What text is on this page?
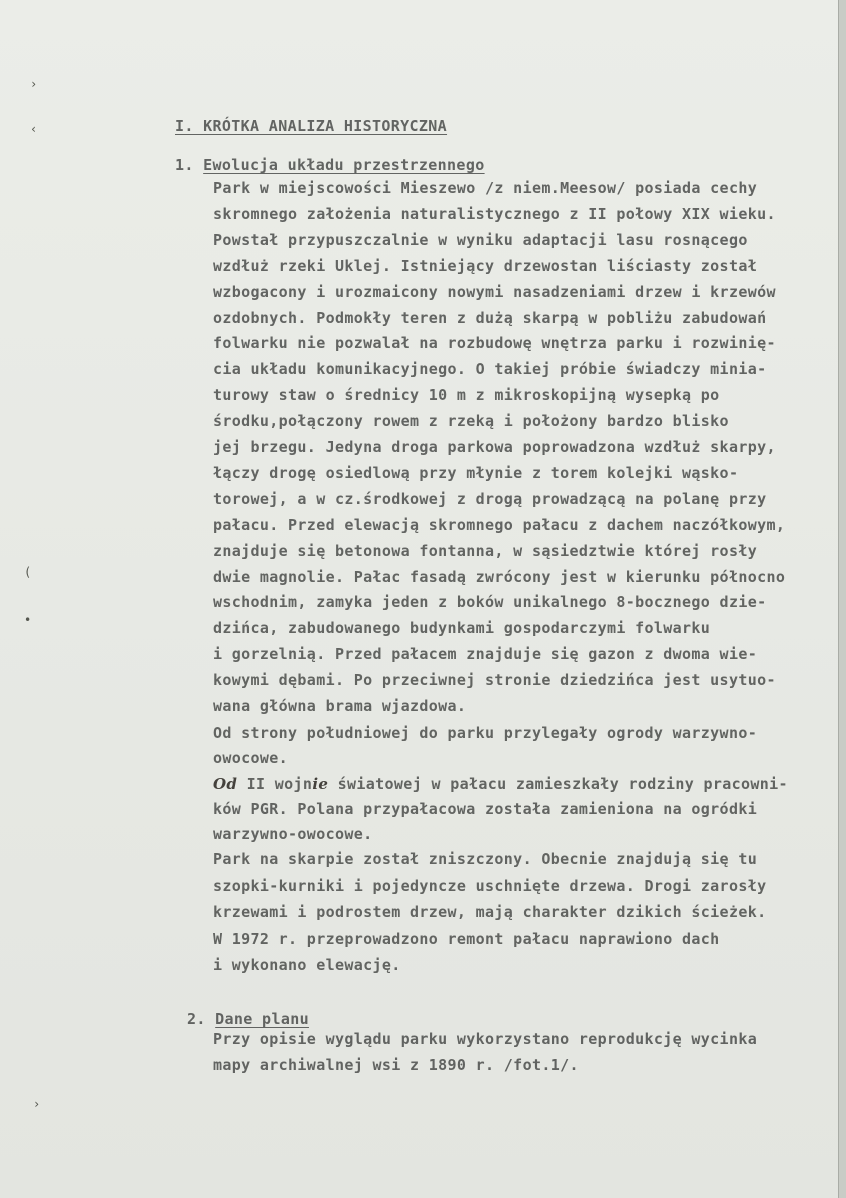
›
‹
(
•
›
I. KRÓTKA ANALIZA HISTORYCZNA
1. Ewolucja układu przestrzennego
Park w miejscowości Mieszewo /z niem.Meesow/ posiada cechy
skromnego założenia naturalistycznego z II połowy XIX wieku.
Powstał przypuszczalnie w wyniku adaptacji lasu rosnącego
wzdłuż rzeki Uklej. Istniejący drzewostan liściasty został
wzbogacony i urozmaicony nowymi nasadzeniami drzew i krzewów
ozdobnych. Podmokły teren z dużą skarpą w pobliżu zabudowań
folwarku nie pozwalał na rozbudowę wnętrza parku i rozwinię-
cia układu komunikacyjnego. O takiej próbie świadczy minia-
turowy staw o średnicy 10 m z mikroskopijną wysepką po
środku,połączony rowem z rzeką i położony bardzo blisko
jej brzegu. Jedyna droga parkowa poprowadzona wzdłuż skarpy,
łączy drogę osiedlową przy młynie z torem kolejki wąsko-
torowej, a w cz.środkowej z drogą prowadzącą na polanę przy
pałacu. Przed elewacją skromnego pałacu z dachem naczółkowym,
znajduje się betonowa fontanna, w sąsiedztwie której rosły
dwie magnolie. Pałac fasadą zwrócony jest w kierunku północno
wschodnim, zamyka jeden z boków unikalnego 8-bocznego dzie-
dzińca, zabudowanego budynkami gospodarczymi folwarku
i gorzelnią. Przed pałacem znajduje się gazon z dwoma wie-
kowymi dębami. Po przeciwnej stronie dziedzińca jest usytuo-
wana główna brama wjazdowa.
Od strony południowej do parku przylegały ogrody warzywno-
owocowe.
Od II wojnie światowej w pałacu zamieszkały rodziny pracowni-
ków PGR. Polana przypałacowa została zamieniona na ogródki
warzywno-owocowe.
Park na skarpie został zniszczony. Obecnie znajdują się tu
szopki-kurniki i pojedyncze uschnięte drzewa. Drogi zarosły
krzewami i podrostem drzew, mają charakter dzikich ścieżek.
W 1972 r. przeprowadzono remont pałacu naprawiono dach
i wykonano elewację.
2. Dane planu
Przy opisie wyglądu parku wykorzystano reprodukcję wycinka
mapy archiwalnej wsi z 1890 r. /fot.1/.
